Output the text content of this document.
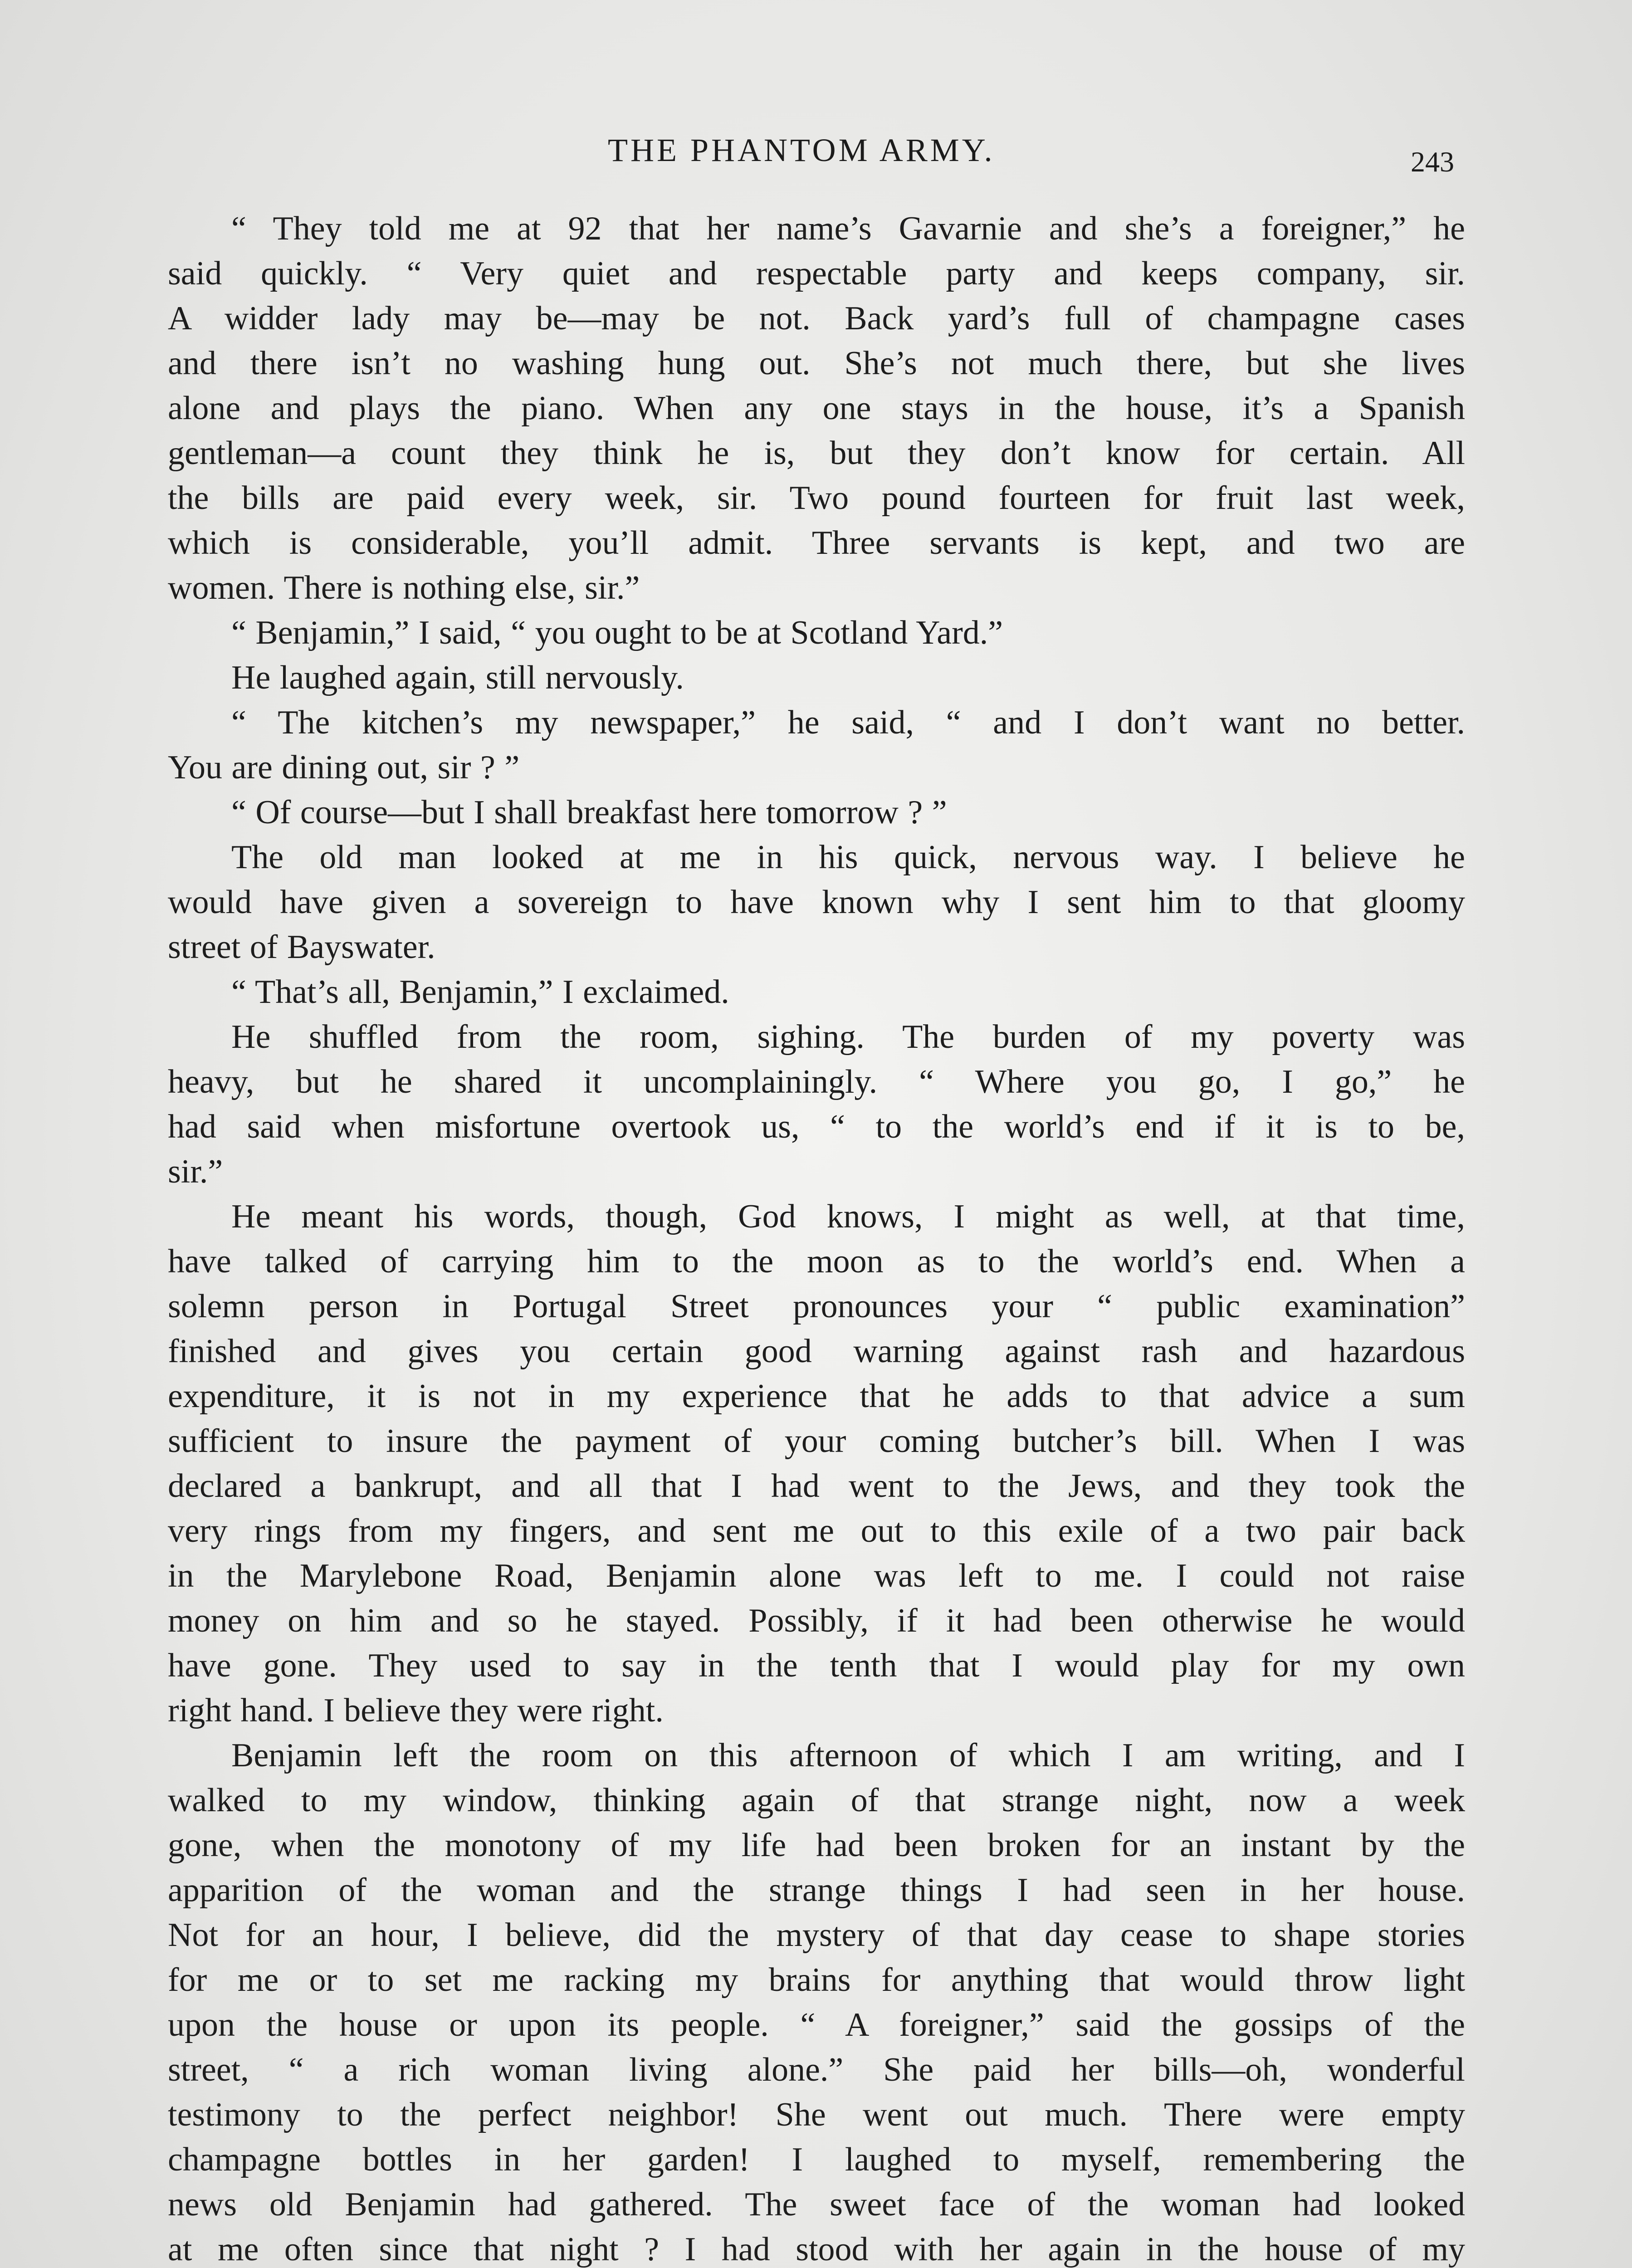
THE PHANTOM ARMY.	243
“ They told me at 92 that her name’s Gavarnie and she’s a foreigner,” he
said quickly. “ Very quiet and respectable party and keeps company, sir.
A widder lady may be—may be not. Back yard’s full of champagne cases
and there isn’t no washing hung out. She’s not much there, but she lives
alone and plays the piano. When any one stays in the house, it’s a Spanish
gentleman—a count they think he is, but they don’t know for certain. All
the bills are paid every week, sir. Two pound fourteen for fruit last week,
which is considerable, you’ll admit. Three servants is kept, and two are
women. There is nothing else, sir.”
“ Benjamin,” I said, “ you ought to be at Scotland Yard.”
He laughed again, still nervously.
“ The kitchen’s my newspaper,” he said, “ and I don’t want no better.
You are dining out, sir ? ”
“ Of course—but I shall breakfast here tomorrow ? ”
The old man looked at me in his quick, nervous way. I believe he
would have given a sovereign to have known why I sent him to that gloomy
street of Bayswater.
“ That’s all, Benjamin,” I exclaimed.
He shuffled from the room, sighing. The burden of my poverty was
heavy, but he shared it uncomplainingly. “ Where you go, I go,” he
had said when misfortune overtook us, “ to the world’s end if it is to be,
sir.”
He meant his words, though, God knows, I might as well, at that time,
have talked of carrying him to the moon as to the world’s end. When a
solemn person in Portugal Street pronounces your “ public examination”
finished and gives you certain good warning against rash and hazardous
expenditure, it is not in my experience that he adds to that advice a sum
sufficient to insure the payment of your coming butcher’s bill. When I was
declared a bankrupt, and all that I had went to the Jews, and they took the
very rings from my fingers, and sent me out to this exile of a two pair back
in the Marylebone Road, Benjamin alone was left to me. I could not raise
money on him and so he stayed. Possibly, if it had been otherwise he would
have gone. They used to say in the tenth that I would play for my own
right hand. I believe they were right.
Benjamin left the room on this afternoon of which I am writing, and I
walked to my window, thinking again of that strange night, now a week
gone, when the monotony of my life had been broken for an instant by the
apparition of the woman and the strange things I had seen in her house.
Not for an hour, I believe, did the mystery of that day cease to shape stories
for me or to set me racking my brains for anything that would throw light
upon the house or upon its people. “ A foreigner,” said the gossips of the
street, “ a rich woman living alone.” She paid her bills—oh, wonderful
testimony to the perfect neighbor! She went out much. There were empty
champagne bottles in her garden! I laughed to myself, remembering the
news old Benjamin had gathered. The sweet face of the woman had looked
at me often since that night ? I had stood with her again in the house of my
